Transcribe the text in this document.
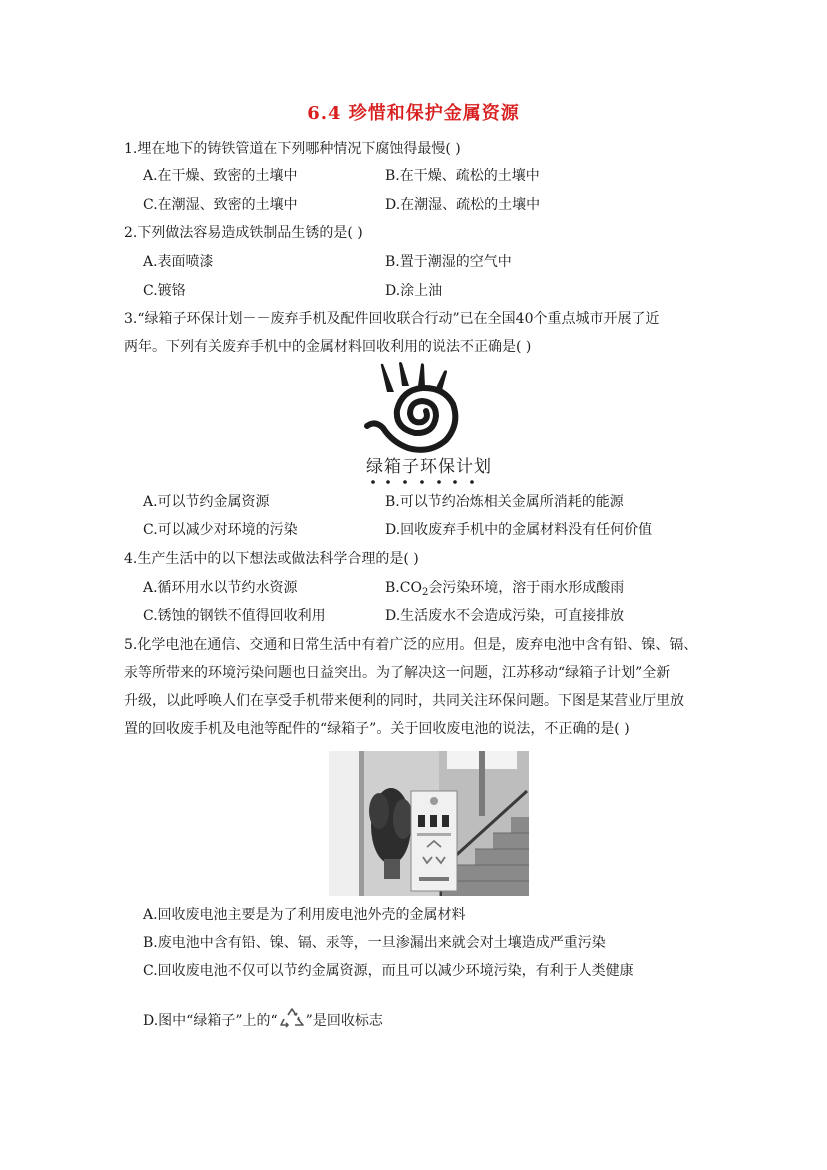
6.4 珍惜和保护金属资源
1.埋在地下的铸铁管道在下列哪种情况下腐蚀得最慢( )
A.在干燥、致密的土壤中	B.在干燥、疏松的土壤中
C.在潮湿、致密的土壤中	D.在潮湿、疏松的土壤中
2.下列做法容易造成铁制品生锈的是( )
A.表面喷漆	B.置于潮湿的空气中
C.镀铬	D.涂上油
3.“绿箱子环保计划－－废弃手机及配件回收联合行动”已在全国40个重点城市开展了近
两年。下列有关废弃手机中的金属材料回收利用的说法不正确是( )
绿箱子环保计划
A.可以节约金属资源	B.可以节约冶炼相关金属所消耗的能源
C.可以减少对环境的污染	D.回收废弃手机中的金属材料没有任何价值
4.生产生活中的以下想法或做法科学合理的是( )
A.循环用水以节约水资源	$B.CO_2$会污染环境，溶于雨水形成酸雨
C.锈蚀的钢铁不值得回收利用	D.生活废水不会造成污染，可直接排放
5.化学电池在通信、交通和日常生活中有着广泛的应用。但是，废弃电池中含有铅、镍、镉、
汞等所带来的环境污染问题也日益突出。为了解决这一问题，江苏移动“绿箱子计划”全新
升级，以此呼唤人们在享受手机带来便利的同时，共同关注环保问题。下图是某营业厅里放
置的回收废手机及电池等配件的“绿箱子”。关于回收废电池的说法，不正确的是( )
A.回收废电池主要是为了利用废电池外壳的金属材料
B.废电池中含有铅、镍、镉、汞等，一旦渗漏出来就会对土壤造成严重污染
C.回收废电池不仅可以节约金属资源，而且可以减少环境污染，有利于人类健康
D.图中“绿箱子”上的“ ”是回收标志
